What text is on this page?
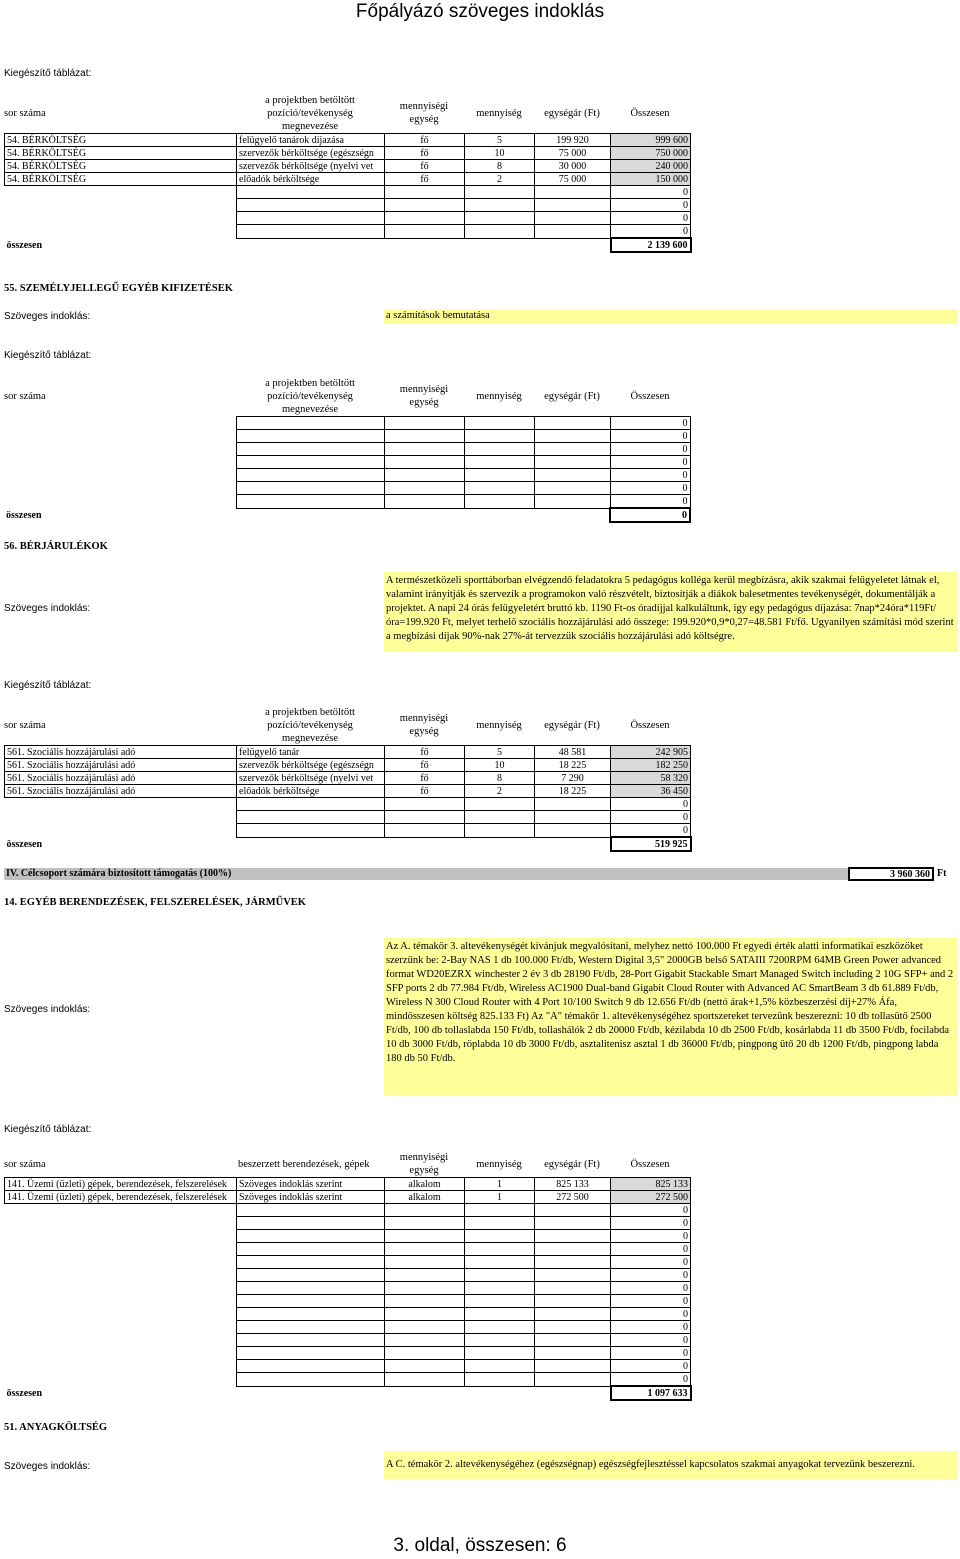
Főpályázó szöveges indoklás
Kiegészítő táblázat:
sor száma
a projektben betöltött
pozíció/tevékenység
megnevezése
mennyiségi
egység
mennyiség	egységár (Ft)	Összesen
54. BÉRKÖLTSÉG	felügyelő tanárok díjazása	fő	5	199 920	999 600
54. BÉRKÖLTSÉG	szervezők bérköltsége (egészségn	fő	10	75 000	750 000
54. BÉRKÖLTSÉG	szervezők bérköltsége (nyelvi vet	fő	8	30 000	240 000
54. BÉRKÖLTSÉG	előadók bérköltsége	fő	2	75 000	150 000
					0
					0
					0
					0
összesen					2 139 600
55. SZEMÉLYJELLEGŰ EGYÉB KIFIZETÉSEK
Szöveges indoklás:	a számítások bemutatása
Kiegészítő táblázat:
sor száma
a projektben betöltött
pozíció/tevékenység
megnevezése
mennyiségi
egység
mennyiség	egységár (Ft)	Összesen
					0
					0
					0
					0
					0
					0
					0
összesen					0
56. BÉRJÁRULÉKOK
Szöveges indoklás:
A természetközeli sporttáborban elvégzendő feladatokra 5 pedagógus kolléga kerül megbízásra, akik szakmai felügyeletet látnak el, valamint irányítják és szervezik a programokon való részvételt, biztosítják a diákok balesetmentes tevékenységét, dokumentálják a projektet. A napi 24 órás felügyeletért bruttó kb. 1190 Ft-os óradíjjal kalkuláltunk, így egy pedagógus díjazása: 7nap*24óra*119Ft/óra=199.920 Ft, melyet terhelő szociális hozzájárulási adó összege: 199.920*0,9*0,27=48.581 Ft/fő. Ugyanilyen számítási mód szerint a megbízási díjak 90%-nak 27%-át tervezzük szociális hozzájárulási adó költségre.
Kiegészítő táblázat:
sor száma
a projektben betöltött
pozíció/tevékenység
megnevezése
mennyiségi
egység
mennyiség	egységár (Ft)	Összesen
561. Szociális hozzájárulási adó	felügyelő tanár	fő	5	48 581	242 905
561. Szociális hozzájárulási adó	szervezők bérköltsége (egészségn	fő	10	18 225	182 250
561. Szociális hozzájárulási adó	szervezők bérköltsége (nyelvi vet	fő	8	7 290	58 320
561. Szociális hozzájárulási adó	előadók bérköltsége	fő	2	18 225	36 450
					0
					0
					0
összesen					519 925
IV. Célcsoport számára biztosított támogatás (100%)	3 960 360 Ft
14. EGYÉB BERENDEZÉSEK, FELSZERELÉSEK, JÁRMŰVEK
Szöveges indoklás:
Az A. témakör 3. altevékenységét kívánjuk megvalósítani, melyhez nettó 100.000 Ft egyedi érték alatti informatikai eszközöket szerzünk be: 2-Bay NAS 1 db 100.000 Ft/db, Western Digital 3,5" 2000GB belső SATAIII 7200RPM 64MB Green Power advanced format WD20EZRX winchester 2 év 3 db 28190 Ft/db, 28-Port Gigabit Stackable Smart Managed Switch including 2 10G SFP+ and 2 SFP ports 2 db 77.984 Ft/db, Wireless AC1900 Dual-band Gigabit Cloud Router with Advanced AC SmartBeam 3 db 61.889 Ft/db, Wireless N 300 Cloud Router with 4 Port 10/100 Switch 9 db 12.656 Ft/db (nettó árak+1,5% közbeszerzési díj+27% Áfa, mindösszesen költség 825.133 Ft) Az "A" témakör 1. altevékenységéhez sportszereket tervezünk beszerezni: 10 db tollasütő 2500 Ft/db, 100 db tollaslabda 150 Ft/db, tollashálók 2 db 20000 Ft/db, kézilabda 10 db 2500 Ft/db, kosárlabda 11 db 3500 Ft/db, focilabda 10 db 3000 Ft/db, röplabda 10 db 3000 Ft/db, asztalitenisz asztal 1 db 36000 Ft/db, pingpong ütő 20 db 1200 Ft/db, pingpong labda 180 db 50 Ft/db.
Kiegészítő táblázat:
sor száma	beszerzett berendezések, gépek
mennyiségi
egység
mennyiség	egységár (Ft)	Összesen
141. Üzemi (üzleti) gépek, berendezések, felszerelések	Szöveges indoklás szerint	alkalom	1	825 133	825 133
141. Üzemi (üzleti) gépek, berendezések, felszerelések	Szöveges indoklás szerint	alkalom	1	272 500	272 500
					0
					0
					0
					0
					0
					0
					0
					0
					0
					0
					0
					0
					0
					0
összesen					1 097 633
51. ANYAGKÖLTSÉG
Szöveges indoklás:	A C. témakör 2. altevékenységéhez (egészségnap) egészségfejlesztéssel kapcsolatos szakmai anyagokat tervezünk beszerezni.
3. oldal, összesen: 6
